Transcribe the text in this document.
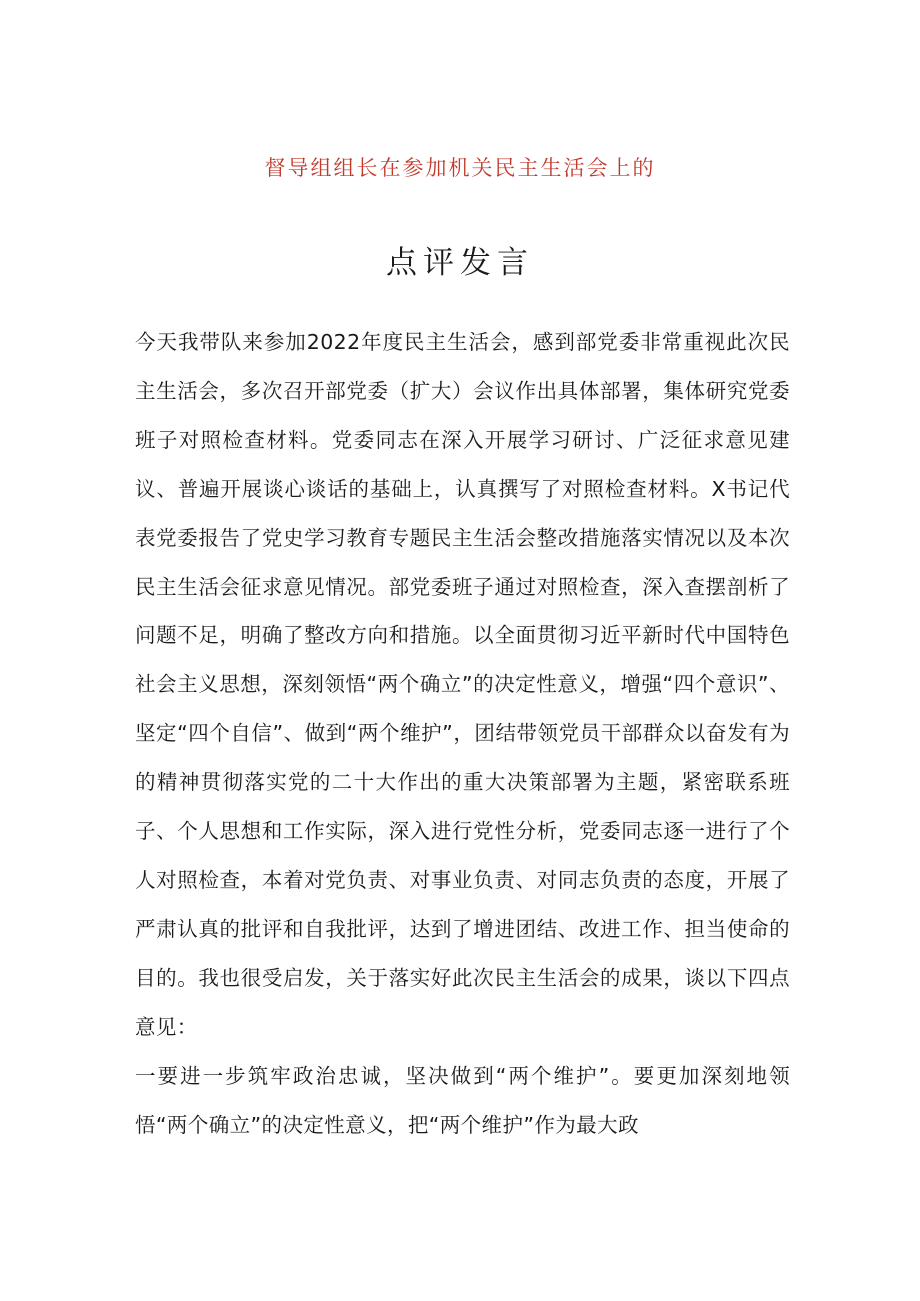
督导组组长在参加机关民主生活会上的
点评发言

今天我带队来参加2022年度民主生活会，感到部党委非常重视此次民主生活会，多次召开部党委（扩大）会议作出具体部署，集体研究党委班子对照检查材料。党委同志在深入开展学习研讨、广泛征求意见建议、普遍开展谈心谈话的基础上，认真撰写了对照检查材料。X书记代表党委报告了党史学习教育专题民主生活会整改措施落实情况以及本次民主生活会征求意见情况。部党委班子通过对照检查，深入查摆剖析了问题不足，明确了整改方向和措施。以全面贯彻习近平新时代中国特色社会主义思想，深刻领悟“两个确立”的决定性意义，增强“四个意识”、坚定“四个自信”、做到“两个维护”，团结带领党员干部群众以奋发有为的精神贯彻落实党的二十大作出的重大决策部署为主题，紧密联系班子、个人思想和工作实际，深入进行党性分析，党委同志逐一进行了个人对照检查，本着对党负责、对事业负责、对同志负责的态度，开展了严肃认真的批评和自我批评，达到了增进团结、改进工作、担当使命的目的。我也很受启发，关于落实好此次民主生活会的成果，谈以下四点意见：

一要进一步筑牢政治忠诚，坚决做到“两个维护”。要更加深刻地领悟“两个确立”的决定性意义，把“两个维护”作为最大政
